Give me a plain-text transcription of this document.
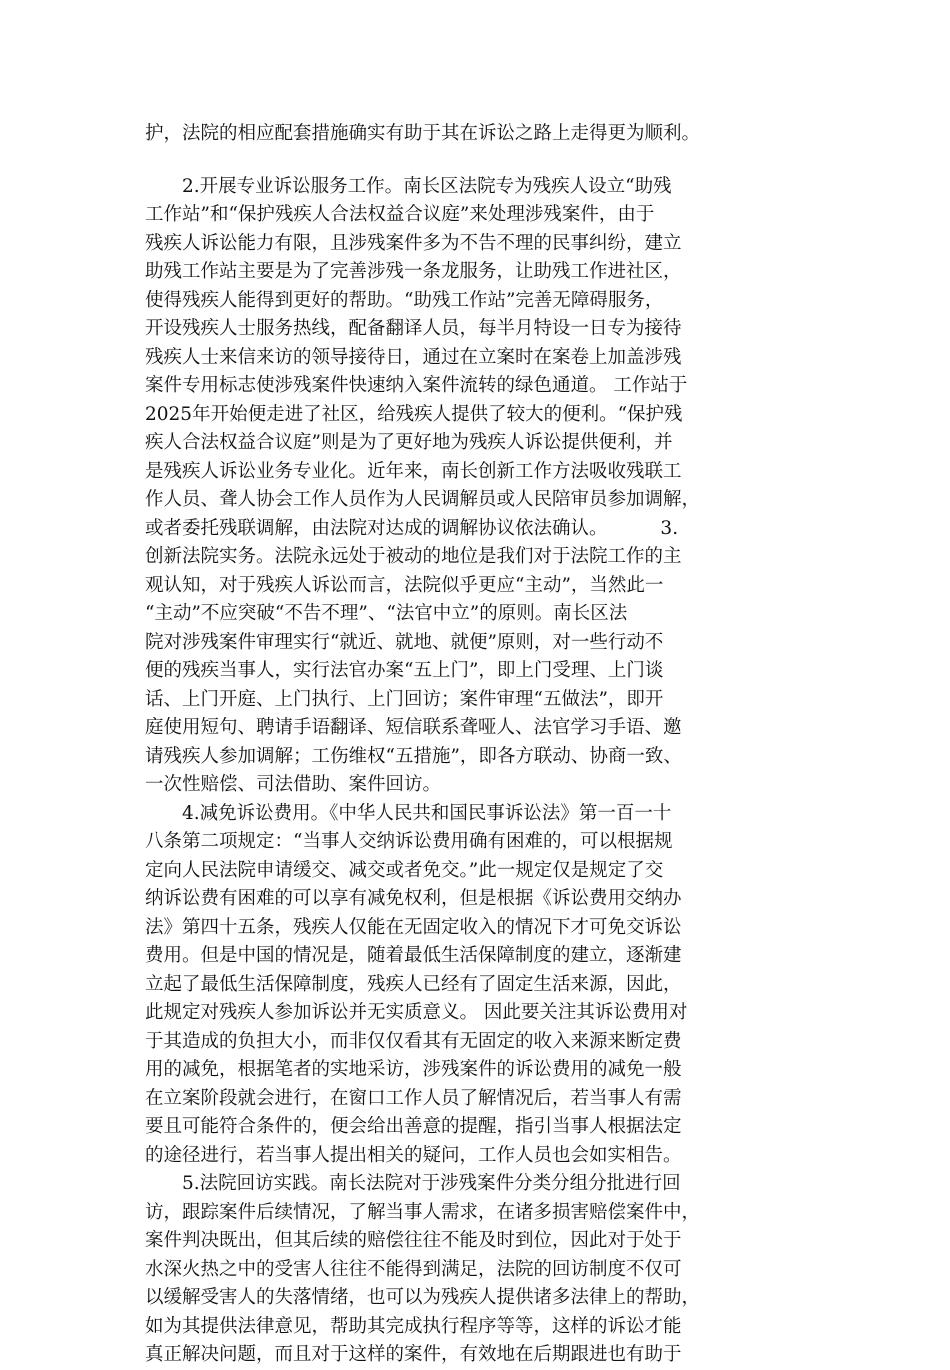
护，法院的相应配套措施确实有助于其在诉讼之路上走得更为顺利。
2.开展专业诉讼服务工作。南长区法院专为残疾人设立“助残
工作站”和“保护残疾人合法权益合议庭”来处理涉残案件，由于
残疾人诉讼能力有限，且涉残案件多为不告不理的民事纠纷，建立
助残工作站主要是为了完善涉残一条龙服务，让助残工作进社区，
使得残疾人能得到更好的帮助。“助残工作站”完善无障碍服务，
开设残疾人士服务热线，配备翻译人员，每半月特设一日专为接待
残疾人士来信来访的领导接待日，通过在立案时在案卷上加盖涉残
案件专用标志使涉残案件快速纳入案件流转的绿色通道。 工作站于
2025年开始便走进了社区，给残疾人提供了较大的便利。“保护残
疾人合法权益合议庭”则是为了更好地为残疾人诉讼提供便利，并
是残疾人诉讼业务专业化。近年来，南长创新工作方法吸收残联工
作人员、聋人协会工作人员作为人民调解员或人民陪审员参加调解，
或者委托残联调解，由法院对达成的调解协议依法确认。         3.
创新法院实务。法院永远处于被动的地位是我们对于法院工作的主
观认知，对于残疾人诉讼而言，法院似乎更应“主动”，当然此一
“主动”不应突破“不告不理”、“法官中立”的原则。南长区法
院对涉残案件审理实行“就近、就地、就便”原则，对一些行动不
便的残疾当事人，实行法官办案“五上门”，即上门受理、上门谈
话、上门开庭、上门执行、上门回访；案件审理“五做法”，即开
庭使用短句、聘请手语翻译、短信联系聋哑人、法官学习手语、邀
请残疾人参加调解；工伤维权“五措施”，即各方联动、协商一致、
一次性赔偿、司法借助、案件回访。
4.减免诉讼费用。《中华人民共和国民事诉讼法》第一百一十
八条第二项规定：“当事人交纳诉讼费用确有困难的，可以根据规
定向人民法院申请缓交、减交或者免交。”此一规定仅是规定了交
纳诉讼费有困难的可以享有减免权利，但是根据《诉讼费用交纳办
法》第四十五条，残疾人仅能在无固定收入的情况下才可免交诉讼
费用。但是中国的情况是，随着最低生活保障制度的建立，逐渐建
立起了最低生活保障制度，残疾人已经有了固定生活来源，因此，
此规定对残疾人参加诉讼并无实质意义。 因此要关注其诉讼费用对
于其造成的负担大小，而非仅仅看其有无固定的收入来源来断定费
用的减免，根据笔者的实地采访，涉残案件的诉讼费用的减免一般
在立案阶段就会进行，在窗口工作人员了解情况后，若当事人有需
要且可能符合条件的，便会给出善意的提醒，指引当事人根据法定
的途径进行，若当事人提出相关的疑问，工作人员也会如实相告。
5.法院回访实践。南长法院对于涉残案件分类分组分批进行回
访，跟踪案件后续情况，了解当事人需求，在诸多损害赔偿案件中，
案件判决既出，但其后续的赔偿往往不能及时到位，因此对于处于
水深火热之中的受害人往往不能得到满足，法院的回访制度不仅可
以缓解受害人的失落情绪，也可以为残疾人提供诸多法律上的帮助，
如为其提供法律意见，帮助其完成执行程序等等，这样的诉讼才能
真正解决问题，而且对于这样的案件，有效地在后期跟进也有助于
